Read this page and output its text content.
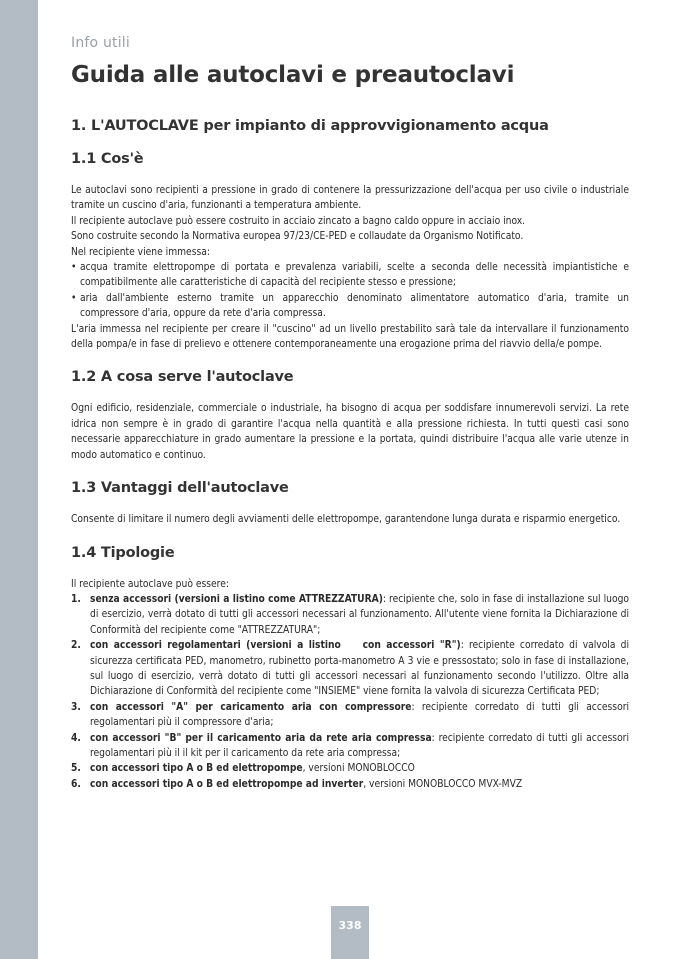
Info utili
Guida alle autoclavi e preautoclavi
1. L'AUTOCLAVE per impianto di approvvigionamento acqua
1.1 Cos'è

Le autoclavi sono recipienti a pressione in grado di contenere la pressurizzazione dell'acqua per uso civile o industriale tramite un cuscino d'aria, funzionanti a temperatura ambiente.

Il recipiente autoclave può essere costruito in acciaio zincato a bagno caldo oppure in acciaio inox.

Sono costruite secondo la Normativa europea 97/23/CE-PED e collaudate da Organismo Notificato.

Nel recipiente viene immessa:

• acqua tramite elettropompe di portata e prevalenza variabili, scelte a seconda delle necessità impiantistiche e compatibilmente alle caratteristiche di capacità del recipiente stesso e pressione;
• aria dall'ambiente esterno tramite un apparecchio denominato alimentatore automatico d'aria, tramite un compressore d'aria, oppure da rete d'aria compressa.

L'aria immessa nel recipiente per creare il "cuscino" ad un livello prestabilito sarà tale da intervallare il funzionamento della pompa/e in fase di prelievo e ottenere contemporaneamente una erogazione prima del riavvio della/e pompe.

1.2 A cosa serve l'autoclave

Ogni edificio, residenziale, commerciale o industriale, ha bisogno di acqua per soddisfare innumerevoli servizi. La rete idrica non sempre è in grado di garantire l'acqua nella quantità e alla pressione richiesta. In tutti questi casi sono necessarie apparecchiature in grado aumentare la pressione e la portata, quindi distribuire l'acqua alle varie utenze in modo automatico e continuo.

1.3 Vantaggi dell'autoclave

Consente di limitare il numero degli avviamenti delle elettropompe, garantendone lunga durata e risparmio energetico.

1.4 Tipologie

Il recipiente autoclave può essere:

1. senza accessori (versioni a listino come ATTREZZATURA): recipiente che, solo in fase di installazione sul luogo di esercizio, verrà dotato di tutti gli accessori necessari al funzionamento. All'utente viene fornita la Dichiarazione di Conformità del recipiente come "ATTREZZATURA";
2. con accessori regolamentari (versioni a listino    con accessori "R"): recipiente corredato di valvola di sicurezza certificata PED, manometro, rubinetto porta-manometro A 3 vie e pressostato; solo in fase di installazione, sul luogo di esercizio, verrà dotato di tutti gli accessori necessari al funzionamento secondo l'utilizzo. Oltre alla Dichiarazione di Conformità del recipiente come "INSIEME" viene fornita la valvola di sicurezza Certificata PED;
3. con accessori "A" per caricamento aria con compressore: recipiente corredato di tutti gli accessori regolamentari più il compressore d'aria;
4. con accessori "B" per il caricamento aria da rete aria compressa: recipiente corredato di tutti gli accessori regolamentari più il il kit per il caricamento da rete aria compressa;
5. con accessori tipo A o B ed elettropompe, versioni MONOBLOCCO
6. con accessori tipo A o B ed elettropompe ad inverter, versioni MONOBLOCCO MVX-MVZ
338
